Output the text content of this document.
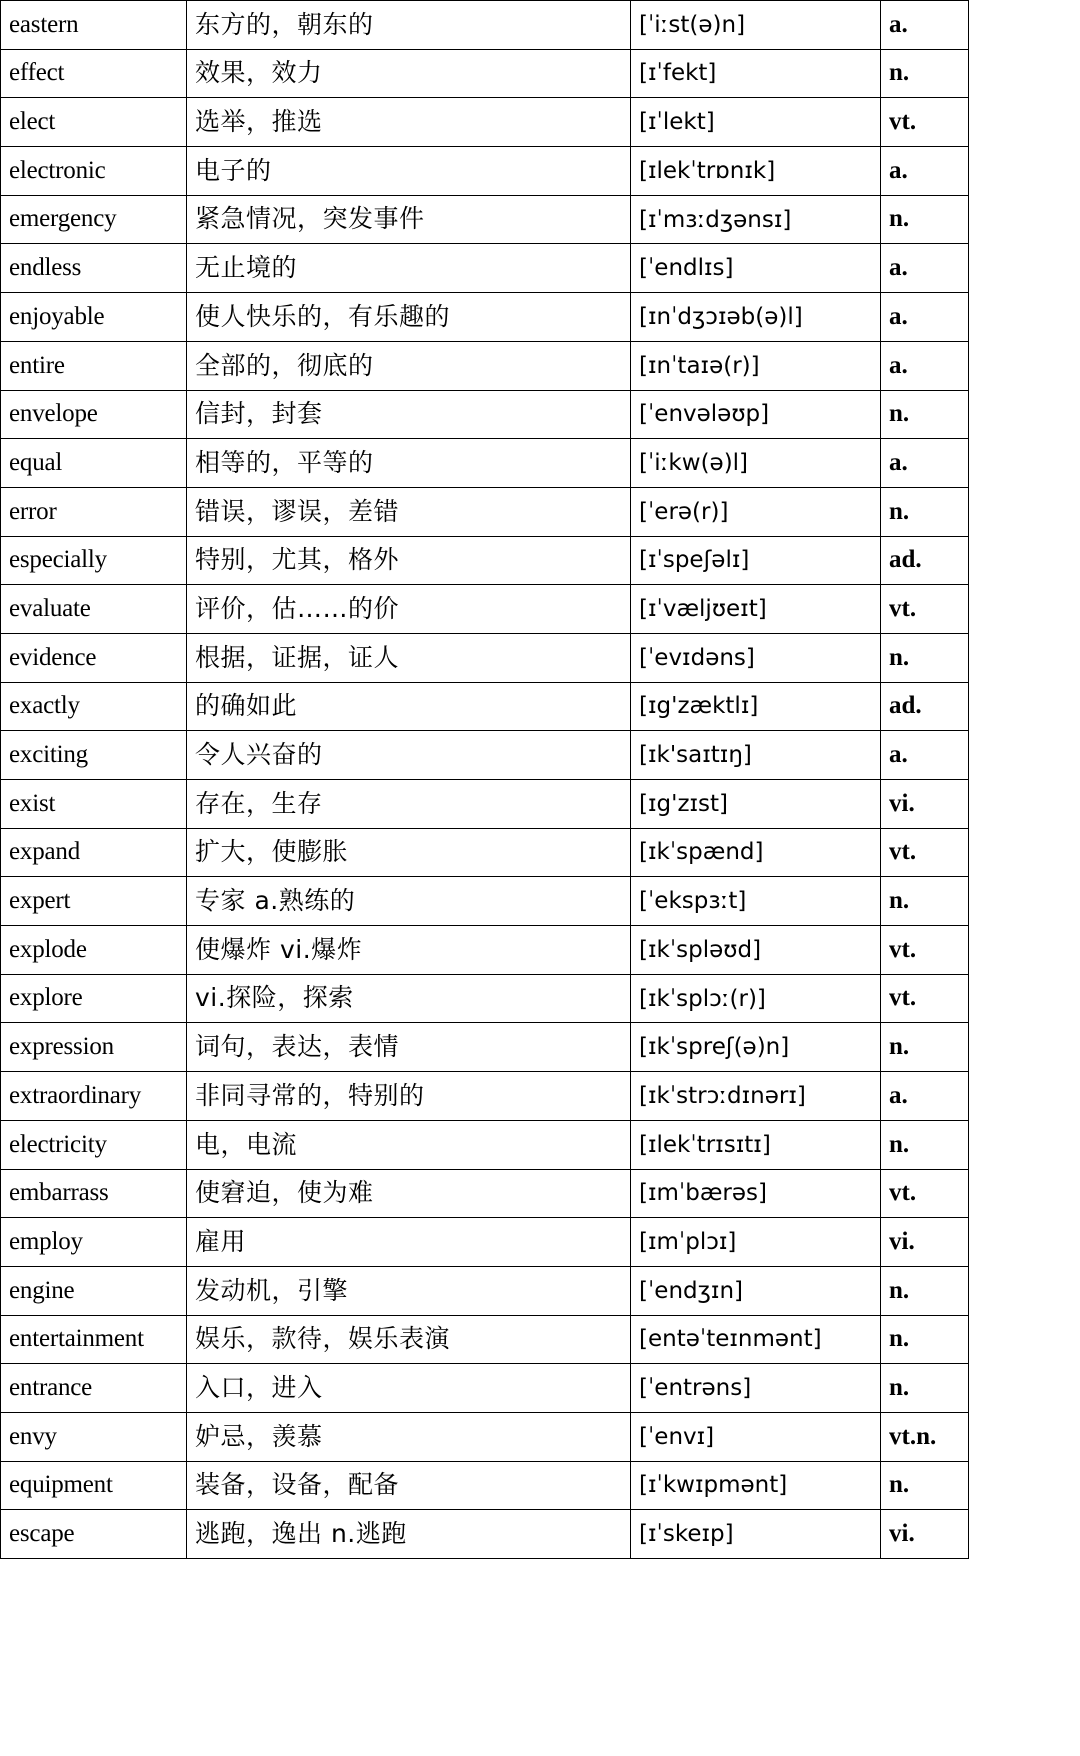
eastern	东方的，朝东的	[ˈiːst(ə)n]	a.
effect	效果，效力	[ɪˈfekt]	n.
elect	选举，推选	[ɪˈlekt]	vt.
electronic	电子的	[ɪlekˈtrɒnɪk]	a.
emergency	紧急情况，突发事件	[ɪˈmɜːdʒənsɪ]	n.
endless	无止境的	[ˈendlɪs]	a.
enjoyable	使人快乐的，有乐趣的	[ɪnˈdʒɔɪəb(ə)l]	a.
entire	全部的，彻底的	[ɪnˈtaɪə(r)]	a.
envelope	信封，封套	[ˈenvələʊp]	n.
equal	相等的，平等的	[ˈiːkw(ə)l]	a.
error	错误，谬误，差错	[ˈerə(r)]	n.
especially	特别，尤其，格外	[ɪˈspeʃəlɪ]	ad.
evaluate	评价，估……的价	[ɪˈvæljʊeɪt]	vt.
evidence	根据，证据，证人	[ˈevɪdəns]	n.
exactly	的确如此	[ɪg'zæktlɪ]	ad.
exciting	令人兴奋的	[ɪk'saɪtɪŋ]	a.
exist	存在，生存	[ɪg'zɪst]	vi.
expand	扩大，使膨胀	[ɪkˈspænd]	vt.
expert	专家 a.熟练的	[ˈekspɜːt]	n.
explode	使爆炸 vi.爆炸	[ɪkˈspləʊd]	vt.
explore	vi.探险，探索	[ɪkˈsplɔː(r)]	vt.
expression	词句，表达，表情	[ɪkˈspreʃ(ə)n]	n.
extraordinary	非同寻常的，特别的	[ɪkˈstrɔːdɪnərɪ]	a.
electricity	电，电流	[ɪlekˈtrɪsɪtɪ]	n.
embarrass	使窘迫，使为难	[ɪmˈbærəs]	vt.
employ	雇用	[ɪmˈplɔɪ]	vi.
engine	发动机，引擎	[ˈendʒɪn]	n.
entertainment	娱乐，款待，娱乐表演	[entəˈteɪnmənt]	n.
entrance	入口，进入	[ˈentrəns]	n.
envy	妒忌，羡慕	[ˈenvɪ]	vt.n.
equipment	装备，设备，配备	[ɪˈkwɪpmənt]	n.
escape	逃跑，逸出 n.逃跑	[ɪˈskeɪp]	vi.
